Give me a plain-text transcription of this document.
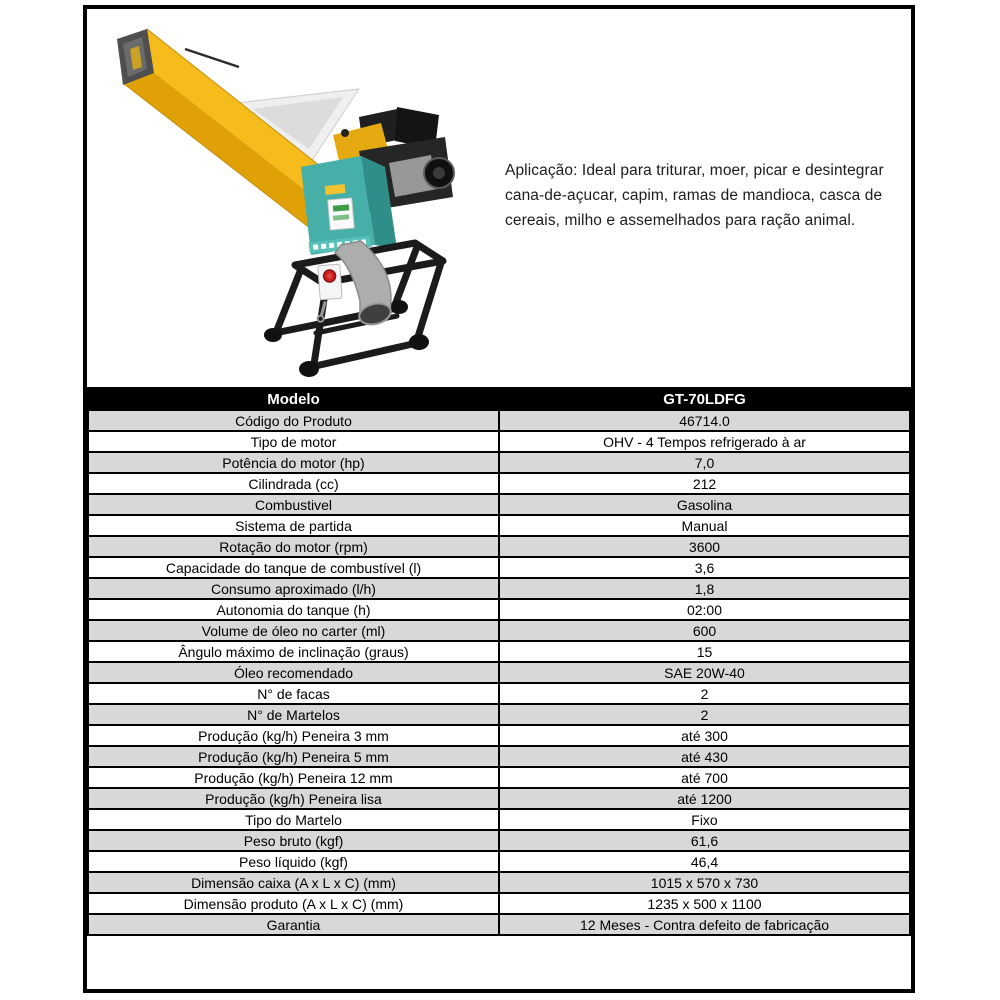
Aplicação: Ideal para triturar, moer, picar e desintegrar cana-de-açucar, capim, ramas de mandioca, casca de cereais, milho e assemelhados para ração animal.

Modelo	GT-70LDFG
Código do Produto	46714.0
Tipo de motor	OHV - 4 Tempos refrigerado à ar
Potência do motor (hp)	7,0
Cilindrada (cc)	212
Combustivel	Gasolina
Sistema de partida	Manual
Rotação do motor (rpm)	3600
Capacidade do tanque de combustível (l)	3,6
Consumo aproximado (l/h)	1,8
Autonomia do tanque (h)	02:00
Volume de óleo no carter (ml)	600
Ângulo máximo de inclinação (graus)	15
Óleo recomendado	SAE 20W-40
N° de facas	2
N° de Martelos	2
Produção (kg/h) Peneira 3 mm	até 300
Produção (kg/h) Peneira 5 mm	até 430
Produção (kg/h) Peneira 12 mm	até 700
Produção (kg/h) Peneira lisa	até 1200
Tipo do Martelo	Fixo
Peso bruto (kgf)	61,6
Peso líquido (kgf)	46,4
Dimensão caixa (A x L x C) (mm)	1015 x 570 x 730
Dimensão produto (A x L x C) (mm)	1235 x 500 x 1100
Garantia	12 Meses - Contra defeito de fabricação
